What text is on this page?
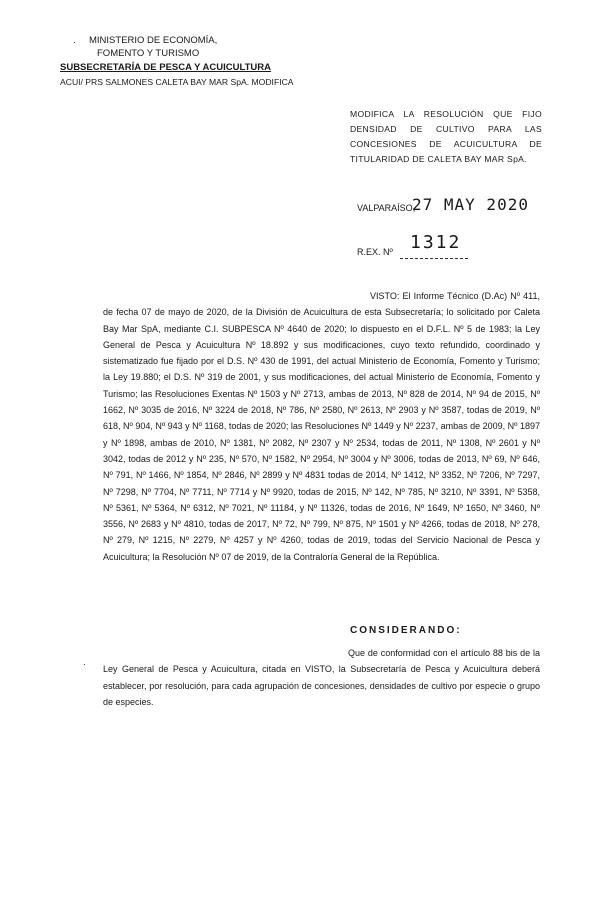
· MINISTERIO DE ECONOMÍA,
FOMENTO Y TURISMO
SUBSECRETARÍA DE PESCA Y ACUICULTURA
ACUI/ PRS SALMONES CALETA BAY MAR SpA. MODIFICA
MODIFICA LA RESOLUCIÓN QUE FIJO DENSIDAD DE CULTIVO PARA LAS CONCESIONES DE ACUICULTURA DE TITULARIDAD DE CALETA BAY MAR SpA.
VALPARAÍSO,
27 MAY 2020
R.EX. Nº 1312

VISTO: El Informe Técnico (D.Ac) Nº 411, de fecha 07 de mayo de 2020, de la División de Acuicultura de esta Subsecretaría; lo solicitado por Caleta Bay Mar SpA, mediante C.I. SUBPESCA Nº 4640 de 2020; lo dispuesto en el D.F.L. Nº 5 de 1983; la Ley General de Pesca y Acuicultura Nº 18.892 y sus modificaciones, cuyo texto refundido, coordinado y sistematizado fue fijado por el D.S. Nº 430 de 1991, del actual Ministerio de Economía, Fomento y Turismo; la Ley 19.880; el D.S. Nº 319 de 2001, y sus modificaciones, del actual Ministerio de Economía, Fomento y Turismo; las Resoluciones Exentas Nº 1503 y Nº 2713, ambas de 2013, Nº 828 de 2014, Nº 94 de 2015, Nº 1662, Nº 3035 de 2016, Nº 3224 de 2018, Nº 786, Nº 2580, Nº 2613, Nº 2903 y Nº 3587, todas de 2019, Nº 618, Nº 904, Nº 943 y Nº 1168, todas de 2020; las Resoluciones Nº 1449 y Nº 2237, ambas de 2009, Nº 1897 y Nº 1898, ambas de 2010, Nº 1381, Nº 2082, Nº 2307 y Nº 2534, todas de 2011, Nº 1308, Nº 2601 y Nº 3042, todas de 2012 y Nº 235, Nº 570, Nº 1582, Nº 2954, Nº 3004 y Nº 3006, todas de 2013, Nº 69, Nº 646, Nº 791, Nº 1466, Nº 1854, Nº 2846, Nº 2899 y Nº 4831 todas de 2014, Nº 1412, Nº 3352, Nº 7206, Nº 7297, Nº 7298, Nº 7704, Nº 7711, Nº 7714 y Nº 9920, todas de 2015, Nº 142, Nº 785, Nº 3210, Nº 3391, Nº 5358, Nº 5361, Nº 5364, Nº 6312, Nº 7021, Nº 11184, y Nº 11326, todas de 2016, Nº 1649, Nº 1650, Nº 3460, Nº 3556, Nº 2683 y Nº 4810, todas de 2017, Nº 72, Nº 799, Nº 875, Nº 1501 y Nº 4266, todas de 2018, Nº 278, Nº 279, Nº 1215, Nº 2279, Nº 4257 y Nº 4260, todas de 2019, todas del Servicio Nacional de Pesca y Acuicultura; la Resolución Nº 07 de 2019, de la Contraloría General de la República.

CONSIDERANDO:
·

Que de conformidad con el artículo 88 bis de la Ley General de Pesca y Acuicultura, citada en VISTO, la Subsecretaría de Pesca y Acuicultura deberá establecer, por resolución, para cada agrupación de concesiones, densidades de cultivo por especie o grupo de especies.
